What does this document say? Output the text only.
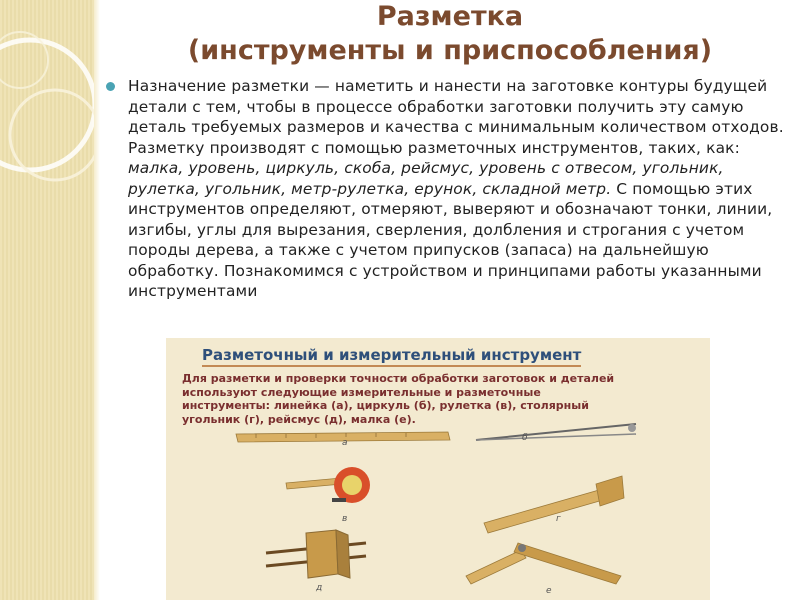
Разметка
(инструменты и приспособления)
Назначение разметки — наметить и нанести на заготовке контуры будущей детали с тем, чтобы в процессе обработки заготовки получить эту самую деталь требуемых размеров и качества с минимальным количеством отходов. Разметку производят с помощью разметочных инструментов, таких, как: малка, уровень, циркуль, скоба, рейсмус, уровень с отвесом, угольник, рулетка, угольник, метр-рулетка, ерунок, складной метр. С помощью этих инструментов определяют, отмеряют, выверяют и обозначают тонки, линии, изгибы, углы для вырезания, сверления, долбления и строгания с учетом породы дерева, а также с учетом припусков (запаса) на дальнейшую обработку. Познакомимся с устройством и принципами работы указанными инструментами
Разметочный и измерительный инструмент
Для разметки и проверки точности обработки заготовок и деталей
используют следующие измерительные и разметочные
инструменты: линейка (а), циркуль (б), рулетка (в), столярный
угольник (г), рейсмус (д), малка (е).
а	б
в	г
д	е
